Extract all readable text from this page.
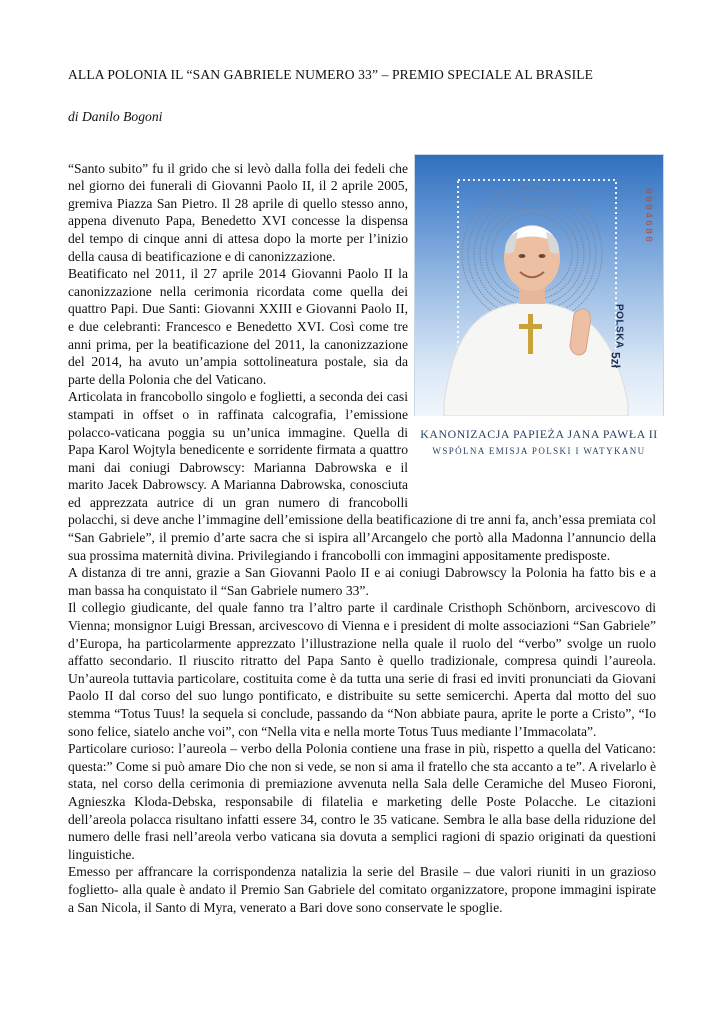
ALLA POLONIA IL “SAN GABRIELE NUMERO 33” – PREMIO SPECIALE AL BRASILE
di Danilo Bogoni
0004680
POLSKA
5zł
KANONIZACJA PAPIEŻA JANA PAWŁA II
WSPÓLNA EMISJA POLSKI I WATYKANU

“Santo subito” fu il grido che si levò dalla folla dei fedeli che nel giorno dei funerali di Giovanni Paolo II, il 2 aprile 2005, gremiva Piazza San Pietro. Il 28 aprile di quello stesso anno, appena divenuto Papa, Benedetto XVI concesse la dispensa del tempo di cinque anni di attesa dopo la morte per l’inizio della causa di beatificazione e di canonizzazione.

Beatificato nel 2011, il 27 aprile 2014 Giovanni Paolo II la canonizzazione nella cerimonia ricordata come quella dei quattro Papi. Due Santi: Giovanni XXIII e Giovanni Paolo II, e due celebranti: Francesco e Benedetto XVI. Così come tre anni prima, per la beatificazione del 2011, la canonizzazione del 2014, ha avuto un’ampia sottolineatura postale, sia da parte della Polonia che del Vaticano.

Articolata in francobollo singolo e foglietti, a seconda dei casi stampati in offset o in raffinata calcografia, l’emissione polacco-vaticana poggia su un’unica immagine. Quella di Papa Karol Wojtyla benedicente e sorridente firmata a quattro mani dai coniugi Dabrowscy: Marianna Dabrowska e il marito Jacek Dabrowscy. A Marianna Dabrowska, conosciuta ed apprezzata autrice di un gran numero di francobolli polacchi, si deve anche l’immagine dell’emissione della beatificazione di tre anni fa, anch’essa premiata col “San Gabriele”, il premio d’arte sacra che si ispira all’Arcangelo che portò alla Madonna l’annuncio della sua prossima maternità divina. Privilegiando i francobolli con immagini appositamente predisposte.

A distanza di tre anni, grazie a San Giovanni Paolo II e ai coniugi Dabrowscy la Polonia ha fatto bis e a man bassa ha conquistato il “San Gabriele numero 33”.

Il collegio giudicante, del quale fanno tra l’altro parte il cardinale Cristhoph Schönborn, arcivescovo di Vienna; monsignor Luigi Bressan, arcivescovo di Vienna e i president di molte associazioni “San Gabriele” d’Europa, ha particolarmente apprezzato l’illustrazione nella quale il ruolo del “verbo” svolge un ruolo affatto secondario. Il riuscito ritratto del Papa Santo è quello tradizionale, compresa quindi l’aureola. Un’aureola tuttavia particolare, costituita come è da tutta una serie di frasi ed inviti pronunciati da Giovani Paolo II dal corso del suo lungo pontificato, e distribuite su sette semicerchi. Aperta dal motto del suo stemma “Totus Tuus! la sequela si conclude, passando da “Non abbiate paura, aprite le porte a Cristo”, “Io sono felice, siatelo anche voi”, con “Nella vita e nella morte Totus Tuus mediante l’Immacolata”.

Particolare curioso: l’aureola – verbo della Polonia contiene una frase in più, rispetto a quella del Vaticano: questa:” Come si può amare Dio che non si vede, se non si ama il fratello che sta accanto a te”. A rivelarlo è stata, nel corso della cerimonia di premiazione avvenuta nella Sala delle Ceramiche del Museo Fioroni, Agnieszka Kloda-Debska, responsabile di filatelia e marketing delle Poste Polacche. Le citazioni dell’areola polacca risultano infatti essere 34, contro le 35 vaticane. Sembra le alla base della riduzione del numero delle frasi nell’areola verbo vaticana sia dovuta a semplici ragioni di spazio originati da questioni linguistiche.

Emesso per affrancare la corrispondenza natalizia la serie del Brasile – due valori riuniti in un grazioso foglietto- alla quale è andato il Premio San Gabriele del comitato organizzatore, propone immagini ispirate a San Nicola, il Santo di Myra, venerato a Bari dove sono conservate le spoglie.
